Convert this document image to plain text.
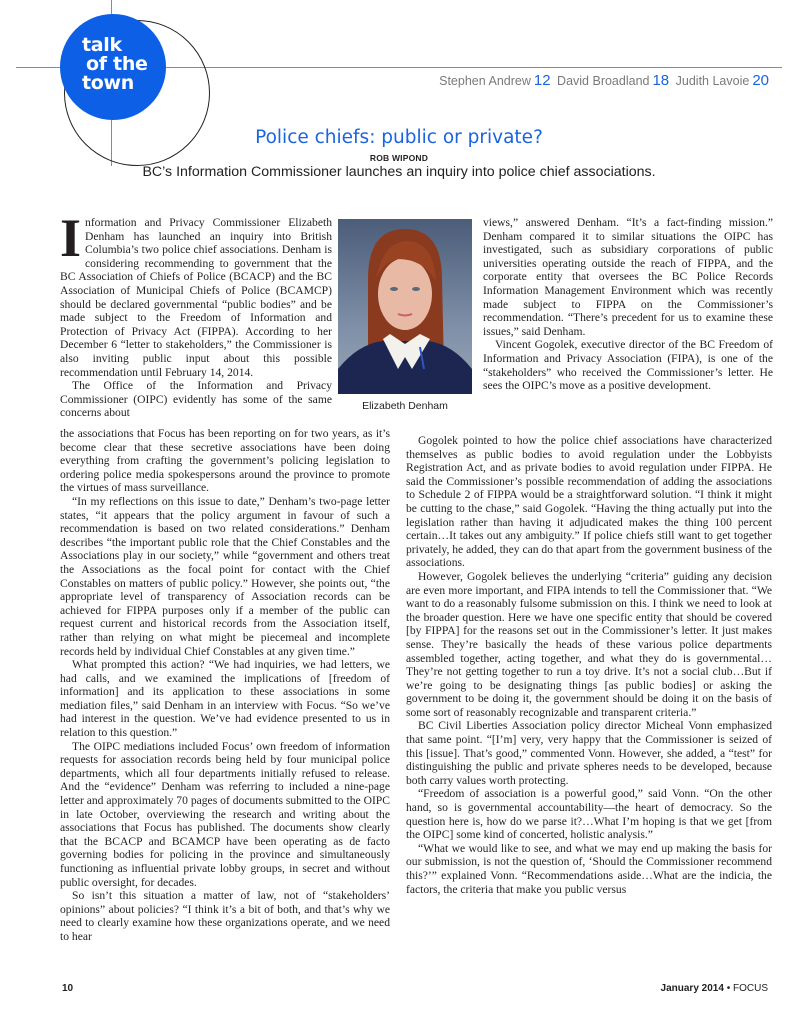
talk
of the
town	Stephen Andrew 12 David Broadland 18 Judith Lavoie 20
Police chiefs: public or private?
ROB WIPOND
BC’s Information Commissioner launches an inquiry into police chief associations.

Information and Privacy Commissioner Elizabeth Denham has launched an inquiry into British Columbia’s two police chief associations. Denham is considering recommending to government that the BC Association of Chiefs of Police (BCACP) and the BC Association of Municipal Chiefs of Police (BCAMCP) should be declared governmental “public bodies” and be made subject to the Freedom of Information and Protection of Privacy Act (FIPPA). According to her December 6 “letter to stakeholders,” the Commissioner is also inviting public input about this possible recommendation until February 14, 2014.

The Office of the Information and Privacy Commissioner (OIPC) evidently has some of the same concerns about

Elizabeth Denham

the associations that Focus has been reporting on for two years, as it’s become clear that these secretive associations have been doing everything from crafting the government’s policing legislation to ordering police media spokespersons around the province to promote the virtues of mass surveillance.

“In my reflections on this issue to date,” Denham’s two-page letter states, “it appears that the policy argument in favour of such a recommendation is based on two related considerations.” Denham describes “the important public role that the Chief Constables and the Associations play in our society,” while “government and others treat the Associations as the focal point for contact with the Chief Constables on matters of public policy.” However, she points out, “the appropriate level of transparency of Association records can be achieved for FIPPA purposes only if a member of the public can request current and historical records from the Association itself, rather than relying on what might be piecemeal and incomplete records held by individual Chief Constables at any given time.”

What prompted this action? “We had inquiries, we had letters, we had calls, and we examined the implications of [freedom of information] and its application to these associations in some mediation files,” said Denham in an interview with Focus. “So we’ve had interest in the question. We’ve had evidence presented to us in relation to this question.”

The OIPC mediations included Focus’ own freedom of information requests for association records being held by four municipal police departments, which all four departments initially refused to release. And the “evidence” Denham was referring to included a nine-page letter and approximately 70 pages of documents submitted to the OIPC in late October, overviewing the research and writing about the associations that Focus has published. The documents show clearly that the BCACP and BCAMCP have been operating as de facto governing bodies for policing in the province and simultaneously functioning as influential private lobby groups, in secret and without public oversight, for decades.

So isn’t this situation a matter of law, not of “stakeholders’ opinions” about policies? “I think it’s a bit of both, and that’s why we need to clearly examine how these organizations operate, and we need to hear

views,” answered Denham. “It’s a fact-finding mission.” Denham compared it to similar situations the OIPC has investigated, such as subsidiary corporations of public universities operating outside the reach of FIPPA, and the corporate entity that oversees the BC Police Records Information Management Environment which was recently made subject to FIPPA on the Commissioner’s recommendation. “There’s precedent for us to examine these issues,” said Denham.

Vincent Gogolek, executive director of the BC Freedom of Information and Privacy Association (FIPA), is one of the “stakeholders” who received the Commissioner’s letter. He sees the OIPC’s move as a positive development.

Gogolek pointed to how the police chief associations have characterized themselves as public bodies to avoid regulation under the Lobbyists Registration Act, and as private bodies to avoid regulation under FIPPA. He said the Commissioner’s possible recommendation of adding the associations to Schedule 2 of FIPPA would be a straightforward solution. “I think it might be cutting to the chase,” said Gogolek. “Having the thing actually put into the legislation rather than having it adjudicated makes the thing 100 percent certain…It takes out any ambiguity.” If police chiefs still want to get together privately, he added, they can do that apart from the government business of the associations.

However, Gogolek believes the underlying “criteria” guiding any decision are even more important, and FIPA intends to tell the Commissioner that. “We want to do a reasonably fulsome submission on this. I think we need to look at the broader question. Here we have one specific entity that should be covered [by FIPPA] for the reasons set out in the Commissioner’s letter. It just makes sense. They’re basically the heads of these various police departments assembled together, acting together, and what they do is governmental…They’re not getting together to run a toy drive. It’s not a social club…But if we’re going to be designating things [as public bodies] or asking the government to be doing it, the government should be doing it on the basis of some sort of reasonably recognizable and transparent criteria.”

BC Civil Liberties Association policy director Micheal Vonn emphasized that same point. “[I’m] very, very happy that the Commissioner is seized of this [issue]. That’s good,” commented Vonn. However, she added, a “test” for distinguishing the public and private spheres needs to be developed, because both carry values worth protecting.

“Freedom of association is a powerful good,” said Vonn. “On the other hand, so is governmental accountability—the heart of democracy. So the question here is, how do we parse it?…What I’m hoping is that we get [from the OIPC] some kind of concerted, holistic analysis.”

“What we would like to see, and what we may end up making the basis for our submission, is not the question of, ‘Should the Commissioner recommend this?’” explained Vonn. “Recommendations aside…What are the indicia, the factors, the criteria that make you public versus

10	January 2014 • FOCUS
